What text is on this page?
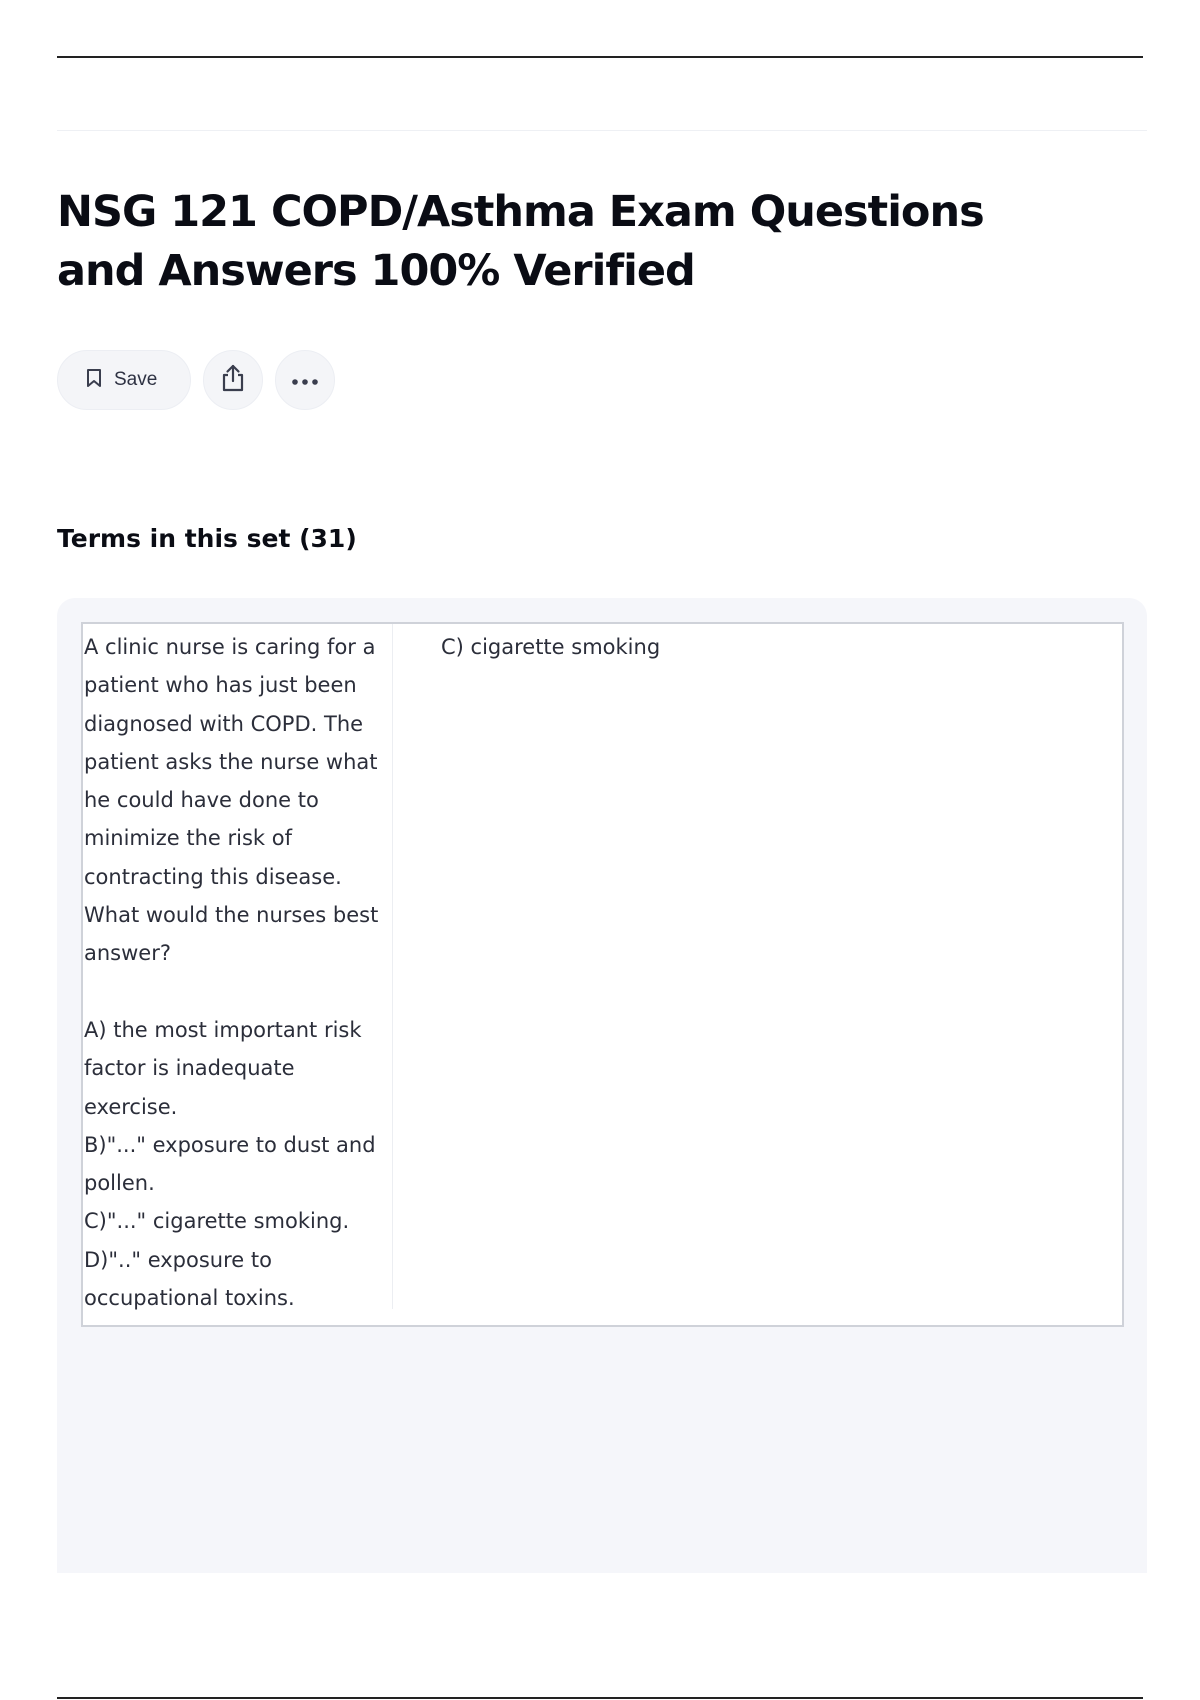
NSG 121 COPD/Asthma Exam Questions and Answers 100% Verified
Save
Terms in this set (31)

A clinic nurse is caring for a patient who has just been diagnosed with COPD. The patient asks the nurse what he could have done to minimize the risk of contracting this disease. What would the nurses best answer?

A) the most important risk factor is inadequate exercise.
B)"..." exposure to dust and pollen.
C)"..." cigarette smoking.
D)".." exposure to occupational toxins.

C) cigarette smoking
